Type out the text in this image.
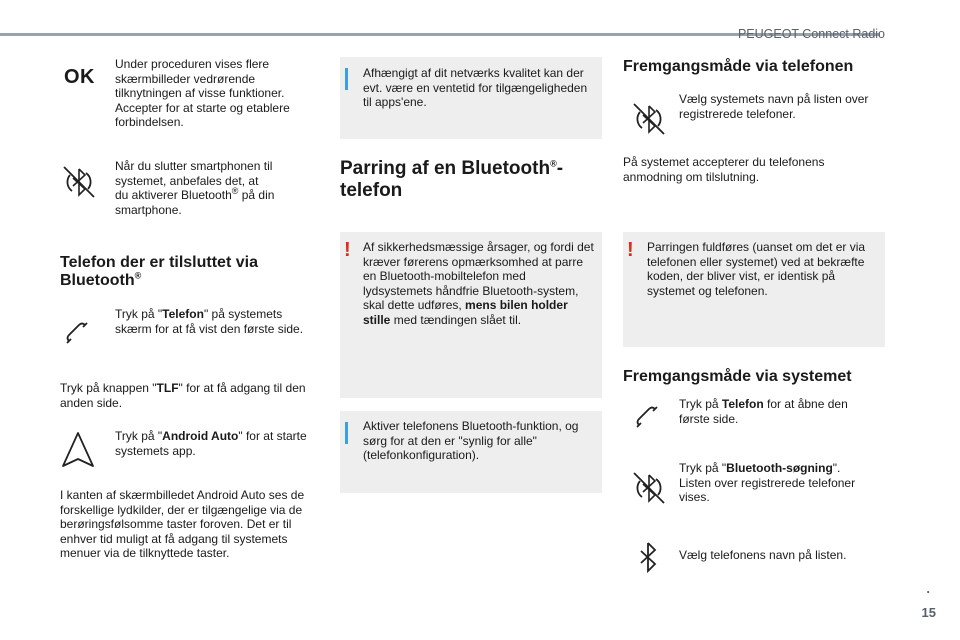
PEUGEOT Connect Radio
OK
Under proceduren vises flere skærmbilleder vedrørende tilknytningen af visse funktioner. Accepter for at starte og etablere forbindelsen.
Når du slutter smartphonen til systemet, anbefales det, at du aktiverer Bluetooth® på din smartphone.
Telefon der er tilsluttet via Bluetooth®
Tryk på "Telefon" på systemets skærm for at få vist den første side.
Tryk på knappen "TLF" for at få adgang til den anden side.
Tryk på "Android Auto" for at starte systemets app.
I kanten af skærmbilledet Android Auto ses de forskellige lydkilder, der er tilgængelige via de berøringsfølsomme taster foroven. Det er til enhver tid muligt at få adgang til systemets menuer via de tilknyttede taster.
Afhængigt af dit netværks kvalitet kan der evt. være en ventetid for tilgængeligheden til apps'ene.
Parring af en Bluetooth®-telefon
! Af sikkerhedsmæssige årsager, og fordi det kræver førerens opmærksomhed at parre en Bluetooth-mobiltelefon med lydsystemets håndfrie Bluetooth-system, skal dette udføres, mens bilen holder stille med tændingen slået til.
Aktiver telefonens Bluetooth-funktion, og sørg for at den er "synlig for alle" (telefonkonfiguration).
Fremgangsmåde via telefonen
Vælg systemets navn på listen over registrerede telefoner.
På systemet accepterer du telefonens anmodning om tilslutning.
! Parringen fuldføres (uanset om det er via telefonen eller systemet) ved at bekræfte koden, der bliver vist, er identisk på systemet og telefonen.
Fremgangsmåde via systemet
Tryk på Telefon for at åbne den første side.
Tryk på "Bluetooth-søgning". Listen over registrerede telefoner vises.
Vælg telefonens navn på listen.
15
.
